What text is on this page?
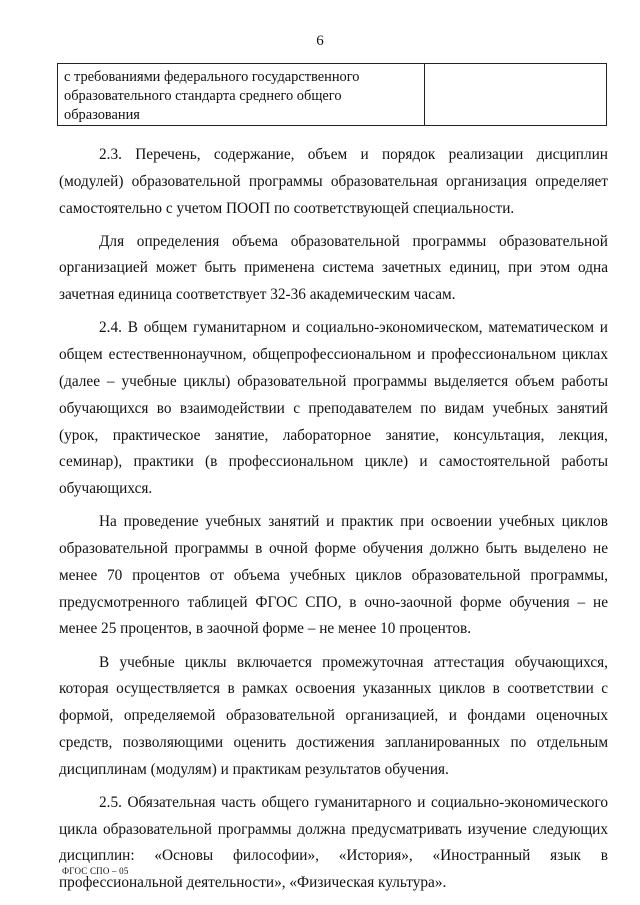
6
с требованиями федерального государственного образовательного стандарта среднего общего образования	

2.3. Перечень, содержание, объем и порядок реализации дисциплин (модулей) образовательной программы образовательная организация определяет самостоятельно с учетом ПООП по соответствующей специальности.

Для определения объема образовательной программы образовательной организацией может быть применена система зачетных единиц, при этом одна зачетная единица соответствует 32-36 академическим часам.

2.4. В общем гуманитарном и социально-экономическом, математическом и общем естественнонаучном, общепрофессиональном и профессиональном циклах (далее – учебные циклы) образовательной программы выделяется объем работы обучающихся во взаимодействии с преподавателем по видам учебных занятий (урок, практическое занятие, лабораторное занятие, консультация, лекция, семинар), практики (в профессиональном цикле) и самостоятельной работы обучающихся.

На проведение учебных занятий и практик при освоении учебных циклов образовательной программы в очной форме обучения должно быть выделено не менее 70 процентов от объема учебных циклов образовательной программы, предусмотренного таблицей ФГОС СПО, в очно-заочной форме обучения – не менее 25 процентов, в заочной форме – не менее 10 процентов.

В учебные циклы включается промежуточная аттестация обучающихся, которая осуществляется в рамках освоения указанных циклов в соответствии с формой, определяемой образовательной организацией, и фондами оценочных средств, позволяющими оценить достижения запланированных по отдельным дисциплинам (модулям) и практикам результатов обучения.

2.5. Обязательная часть общего гуманитарного и социально-экономического цикла образовательной программы должна предусматривать изучение следующих дисциплин: «Основы философии», «История», «Иностранный язык в профессиональной деятельности», «Физическая культура».

ФГОС СПО – 05
